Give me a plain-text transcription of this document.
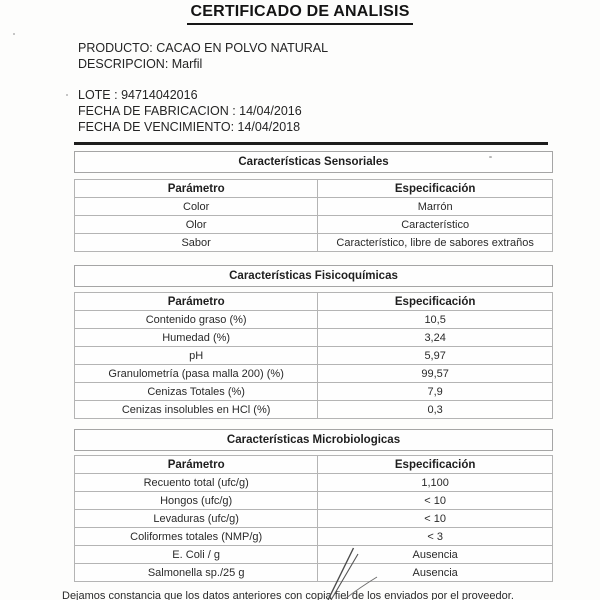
CERTIFICADO DE ANALISIS
PRODUCTO: CACAO EN POLVO NATURAL
DESCRIPCION: Marfil
LOTE : 94714042016
FECHA DE FABRICACION : 14/04/2016
FECHA DE VENCIMIENTO: 14/04/2018
Características Sensoriales
Parámetro	Especificación
Color	Marrón
Olor	Característico
Sabor	Característico, libre de sabores extraños
Características Fisicoquímicas
Parámetro	Especificación
Contenido graso (%)	10,5
Humedad (%)	3,24
pH	5,97
Granulometría (pasa malla 200) (%)	99,57
Cenizas Totales (%)	7,9
Cenizas insolubles en HCl (%)	0,3
Características Microbiologicas
Parámetro	Especificación
Recuento total (ufc/g)	1,100
Hongos (ufc/g)	< 10
Levaduras (ufc/g)	< 10
Coliformes totales (NMP/g)	< 3
E. Coli / g	Ausencia
Salmonella sp./25 g	Ausencia
Dejamos constancia que los datos anteriores con copia fiel de los enviados por el proveedor.
